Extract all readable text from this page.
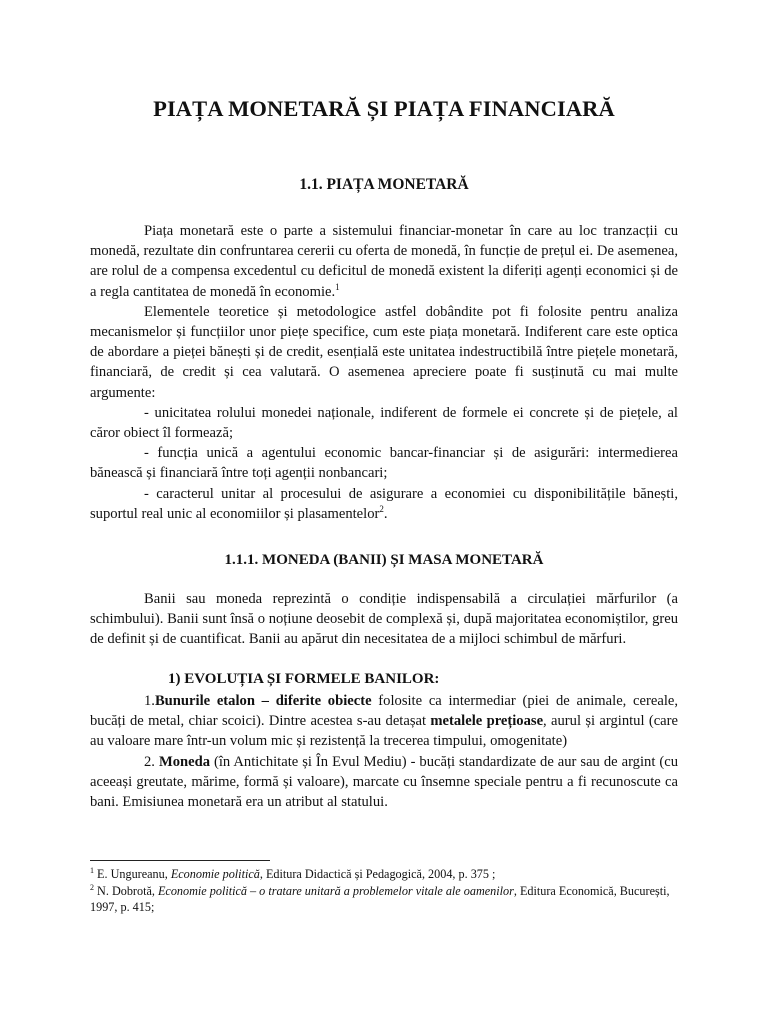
PIAȚA MONETARĂ ȘI PIAȚA FINANCIARĂ
1.1. PIAȚA MONETARĂ

Piața monetară este o parte a sistemului financiar-monetar în care au loc tranzacții cu monedă, rezultate din confruntarea cererii cu oferta de monedă, în funcție de prețul ei. De asemenea, are rolul de a compensa excedentul cu deficitul de monedă existent la diferiți agenți economici și de a regla cantitatea de monedă în economie.$^1$

Elementele teoretice și metodologice astfel dobândite pot fi folosite pentru analiza mecanismelor și funcțiilor unor piețe specifice, cum este piața monetară. Indiferent care este optica de abordare a pieței bănești și de credit, esențială este unitatea indestructibilă între piețele monetară, financiară, de credit și cea valutară. O asemenea apreciere poate fi susținută cu mai multe argumente:

- unicitatea rolului monedei naționale, indiferent de formele ei concrete și de piețele, al căror obiect îl formează;

- funcția unică a agentului economic bancar-financiar și de asigurări: intermedierea bănească și financiară între toți agenții nonbancari;

- caracterul unitar al procesului de asigurare a economiei cu disponibilitățile bănești, suportul real unic al economiilor și plasamentelor$^2$.

1.1.1. MONEDA (BANII) ȘI MASA MONETARĂ

Banii sau moneda reprezintă o condiție indispensabilă a circulației mărfurilor (a schimbului). Banii sunt însă o noțiune deosebit de complexă și, după majoritatea economiștilor, greu de definit și de cuantificat. Banii au apărut din necesitatea de a mijloci schimbul de mărfuri.

1) EVOLUȚIA ȘI FORMELE BANILOR:

1.Bunurile etalon – diferite obiecte folosite ca intermediar (piei de animale, cereale, bucăți de metal, chiar scoici). Dintre acestea s-au detașat metalele prețioase, aurul și argintul (care au valoare mare într-un volum mic și rezistență la trecerea timpului, omogenitate)

2. Moneda (în Antichitate și În Evul Mediu) - bucăți standardizate de aur sau de argint (cu aceeași greutate, mărime, formă și valoare), marcate cu însemne speciale pentru a fi recunoscute ca bani. Emisiunea monetară era un atribut al statului.

$^1$ E. Ungureanu, Economie politică, Editura Didactică și Pedagogică, 2004, p. 375 ;

$^2$ N. Dobrotă, Economie politică – o tratare unitară a problemelor vitale ale oamenilor, Editura Economică, București, 1997, p. 415;
